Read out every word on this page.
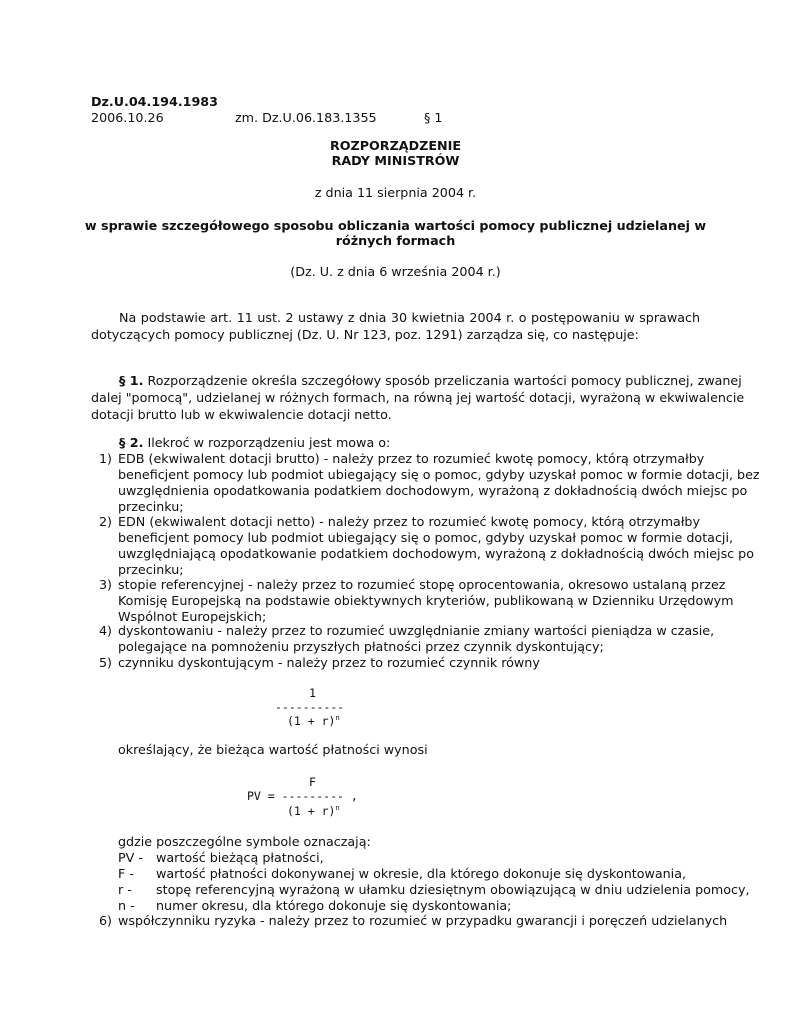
Dz.U.04.194.1983
2006.10.26	zm. Dz.U.06.183.1355	§ 1
ROZPORZĄDZENIE
RADY MINISTRÓW
z dnia 11 sierpnia 2004 r.
w sprawie szczegółowego sposobu obliczania wartości pomocy publicznej udzielanej w
różnych formach
(Dz. U. z dnia 6 września 2004 r.)
Na podstawie art. 11 ust. 2 ustawy z dnia 30 kwietnia 2004 r. o postępowaniu w sprawach
dotyczących pomocy publicznej (Dz. U. Nr 123, poz. 1291) zarządza się, co następuje:
§ 1. Rozporządzenie określa szczegółowy sposób przeliczania wartości pomocy publicznej, zwanej
dalej "pomocą", udzielanej w różnych formach, na równą jej wartość dotacji, wyrażoną w ekwiwalencie
dotacji brutto lub w ekwiwalencie dotacji netto.
§ 2. Ilekroć w rozporządzeniu jest mowa o:
1) EDB (ekwiwalent dotacji brutto) - należy przez to rozumieć kwotę pomocy, którą otrzymałby
beneficjent pomocy lub podmiot ubiegający się o pomoc, gdyby uzyskał pomoc w formie dotacji, bez
uwzględnienia opodatkowania podatkiem dochodowym, wyrażoną z dokładnością dwóch miejsc po
przecinku;
2) EDN (ekwiwalent dotacji netto) - należy przez to rozumieć kwotę pomocy, którą otrzymałby
beneficjent pomocy lub podmiot ubiegający się o pomoc, gdyby uzyskał pomoc w formie dotacji,
uwzględniającą opodatkowanie podatkiem dochodowym, wyrażoną z dokładnością dwóch miejsc po
przecinku;
3) stopie referencyjnej - należy przez to rozumieć stopę oprocentowania, okresowo ustalaną przez
Komisję Europejską na podstawie obiektywnych kryteriów, publikowaną w Dzienniku Urzędowym
Wspólnot Europejskich;
4) dyskontowaniu - należy przez to rozumieć uwzględnianie zmiany wartości pieniądza w czasie,
polegające na pomnożeniu przyszłych płatności przez czynnik dyskontujący;
5) czynniku dyskontującym - należy przez to rozumieć czynnik równy
1
----------
$(1 + r)^n$
określający, że bieżąca wartość płatności wynosi
F
PV = --------- ,
$(1 + r)^n$
gdzie poszczególne symbole oznaczają:
PV - wartość bieżącą płatności,
F - wartość płatności dokonywanej w okresie, dla którego dokonuje się dyskontowania,
r - stopę referencyjną wyrażoną w ułamku dziesiętnym obowiązującą w dniu udzielenia pomocy,
n - numer okresu, dla którego dokonuje się dyskontowania;
6) współczynniku ryzyka - należy przez to rozumieć w przypadku gwarancji i poręczeń udzielanych
